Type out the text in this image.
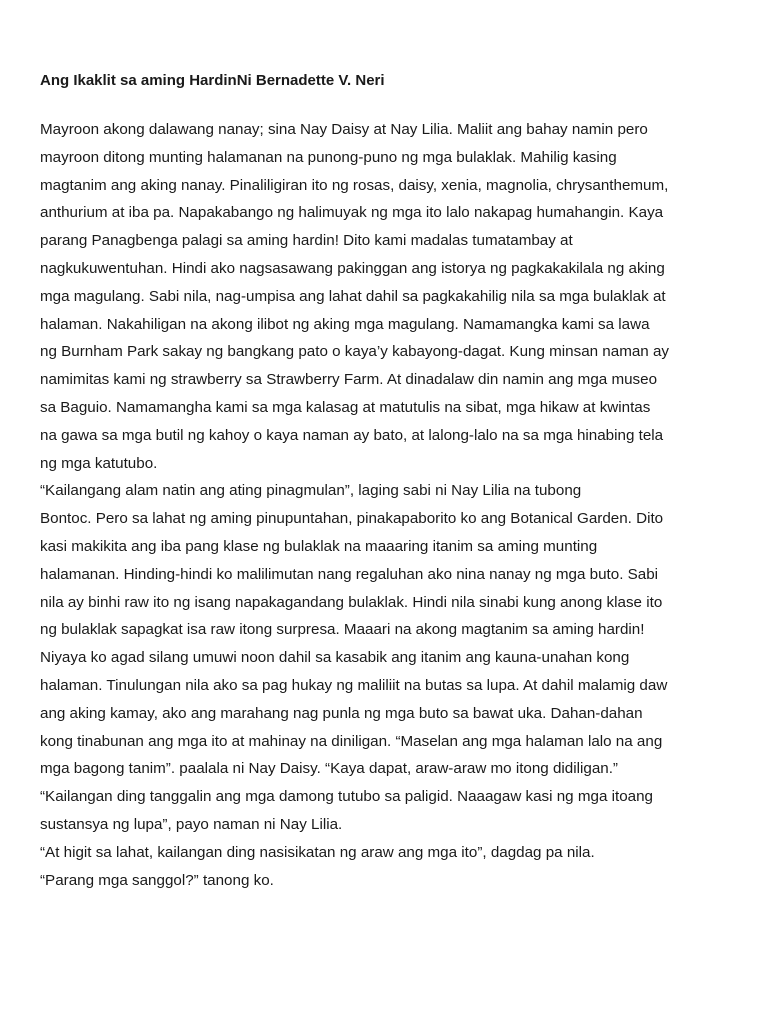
Ang Ikaklit sa aming HardinNi Bernadette V. Neri
Mayroon akong dalawang nanay; sina Nay Daisy at Nay Lilia. Maliit ang bahay namin pero
mayroon ditong munting halamanan na punong-puno ng mga bulaklak. Mahilig kasing
magtanim ang aking nanay. Pinaliligiran ito ng rosas, daisy, xenia, magnolia, chrysanthemum,
anthurium at iba pa. Napakabango ng halimuyak ng mga ito lalo nakapag humahangin. Kaya
parang Panagbenga palagi sa aming hardin! Dito kami madalas tumatambay at
nagkukuwentuhan. Hindi ako nagsasawang pakinggan ang istorya ng pagkakakilala ng aking
mga magulang. Sabi nila, nag-umpisa ang lahat dahil sa pagkakahilig nila sa mga bulaklak at
halaman. Nakahiligan na akong ilibot ng aking mga magulang. Namamangka kami sa lawa
ng Burnham Park sakay ng bangkang pato o kaya’y kabayong-dagat. Kung minsan naman ay
namimitas kami ng strawberry sa Strawberry Farm. At dinadalaw din namin ang mga museo
sa Baguio. Namamangha kami sa mga kalasag at matutulis na sibat, mga hikaw at kwintas
na gawa sa mga butil ng kahoy o kaya naman ay bato, at lalong-lalo na sa mga hinabing tela
ng mga katutubo.
“Kailangang alam natin ang ating pinagmulan”, laging sabi ni Nay Lilia na tubong
Bontoc. Pero sa lahat ng aming pinupuntahan, pinakapaborito ko ang Botanical Garden. Dito
kasi makikita ang iba pang klase ng bulaklak na maaaring itanim sa aming munting
halamanan. Hinding-hindi ko malilimutan nang regaluhan ako nina nanay ng mga buto. Sabi
nila ay binhi raw ito ng isang napakagandang bulaklak. Hindi nila sinabi kung anong klase ito
ng bulaklak sapagkat isa raw itong surpresa. Maaari na akong magtanim sa aming hardin!
Niyaya ko agad silang umuwi noon dahil sa kasabik ang itanim ang kauna-unahan kong
halaman. Tinulungan nila ako sa pag hukay ng maliliit na butas sa lupa. At dahil malamig daw
ang aking kamay, ako ang marahang nag punla ng mga buto sa bawat uka. Dahan-dahan
kong tinabunan ang mga ito at mahinay na diniligan. “Maselan ang mga halaman lalo na ang
mga bagong tanim”. paalala ni Nay Daisy. “Kaya dapat, araw-araw mo itong didiligan.”
“Kailangan ding tanggalin ang mga damong tutubo sa paligid. Naaagaw kasi ng mga itoang
sustansya ng lupa”, payo naman ni Nay Lilia.
“At higit sa lahat, kailangan ding nasisikatan ng araw ang mga ito”, dagdag pa nila.
“Parang mga sanggol?” tanong ko.
